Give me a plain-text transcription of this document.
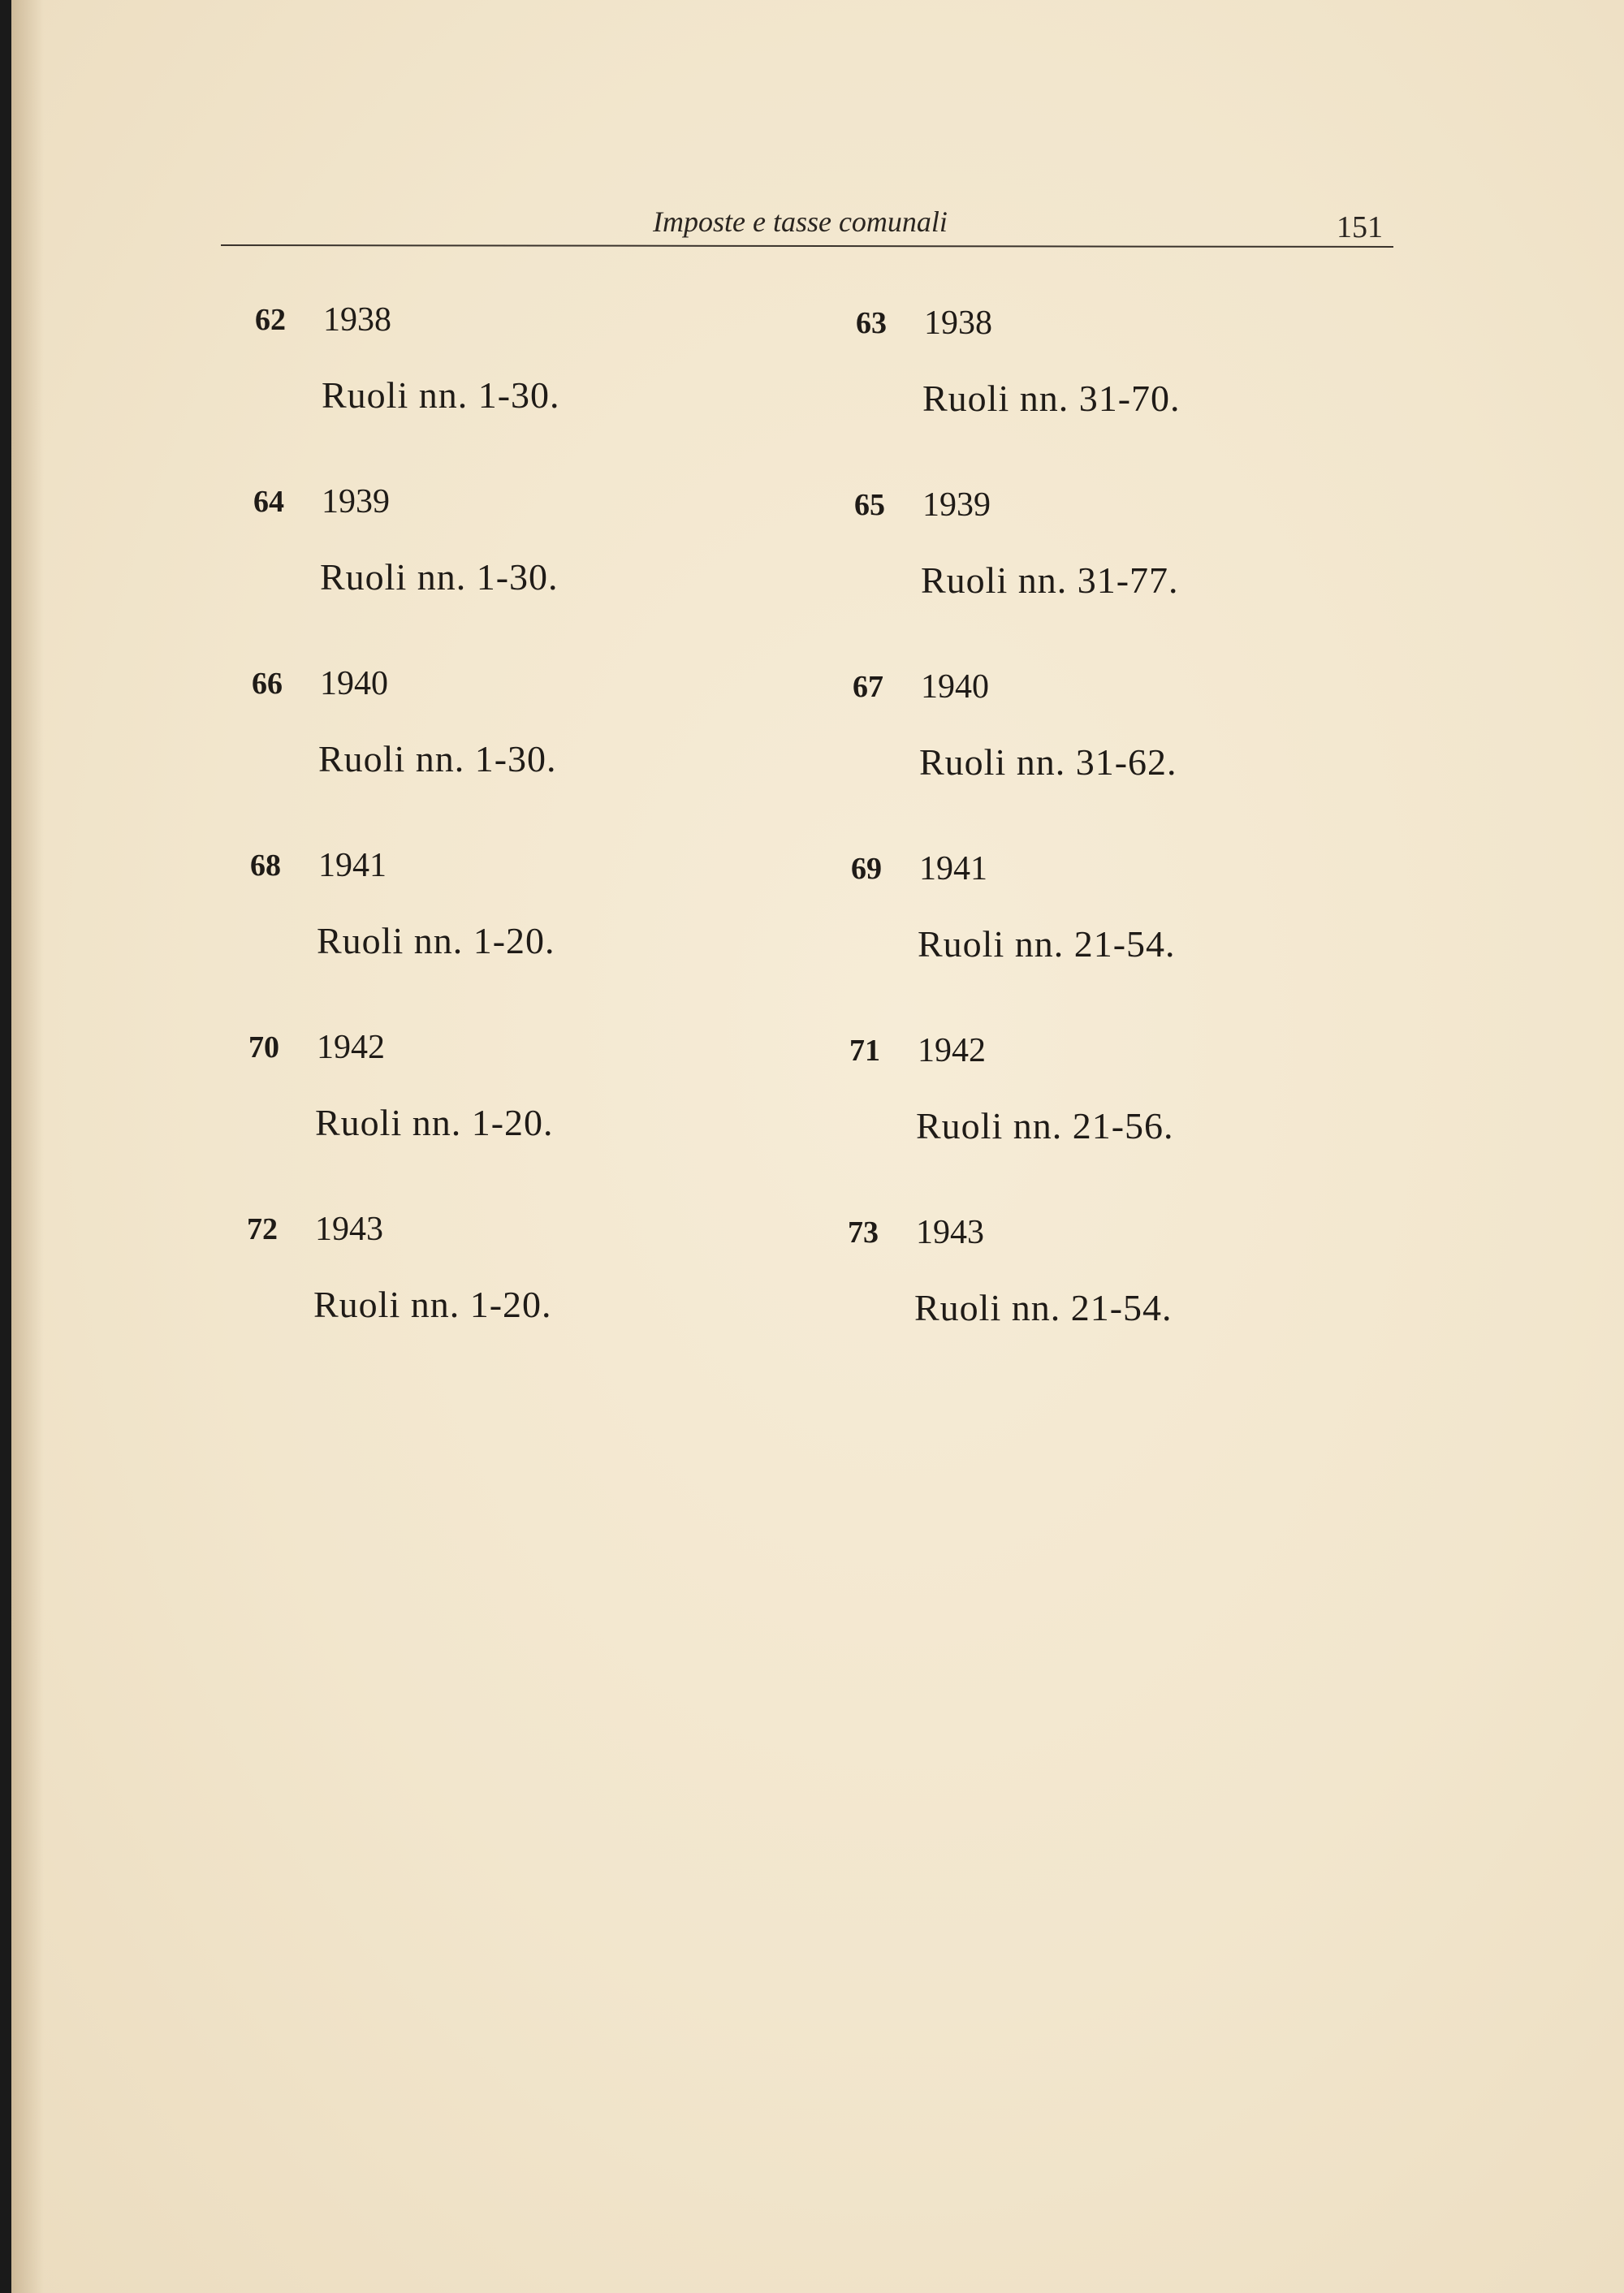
Imposte e tasse comunali	151
62 1938
Ruoli nn. 1-30.
63 1938
Ruoli nn. 31-70.
64 1939
Ruoli nn. 1-30.
65 1939
Ruoli nn. 31-77.
66 1940
Ruoli nn. 1-30.
67 1940
Ruoli nn. 31-62.
68 1941
Ruoli nn. 1-20.
69 1941
Ruoli nn. 21-54.
70 1942
Ruoli nn. 1-20.
71 1942
Ruoli nn. 21-56.
72 1943
Ruoli nn. 1-20.
73 1943
Ruoli nn. 21-54.
